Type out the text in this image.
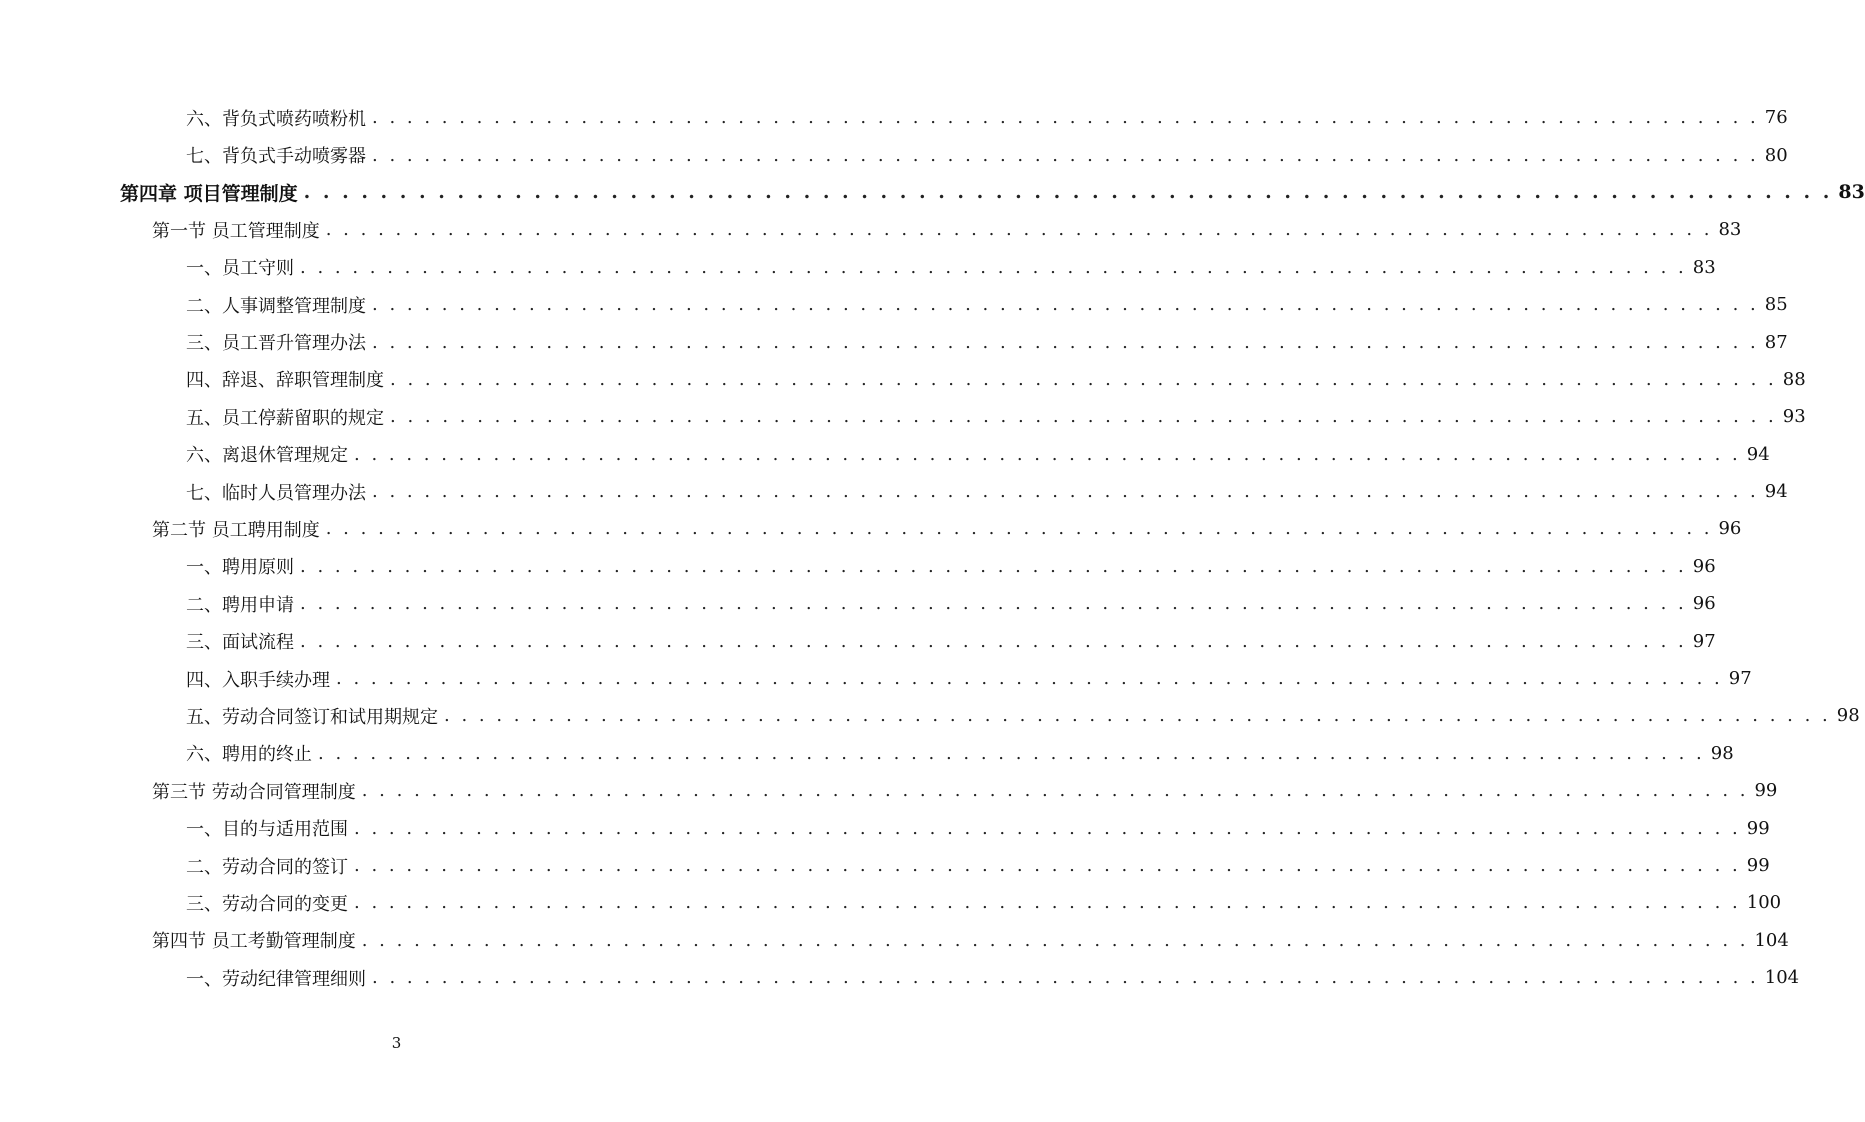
六、背负式喷药喷粉机 . . . . . . . . . . . . . . . . . . . . . . . . . . . . . . . . . . . . . . . . . . . . . . . . . . . . . . . . . . . . . . . . . . . . . . . . . . . . . . . . 76
七、背负式手动喷雾器 . . . . . . . . . . . . . . . . . . . . . . . . . . . . . . . . . . . . . . . . . . . . . . . . . . . . . . . . . . . . . . . . . . . . . . . . . . . . . . . . 80
第四章 项目管理制度 . . . . . . . . . . . . . . . . . . . . . . . . . . . . . . . . . . . . . . . . . . . . . . . . . . . . . . . . . . . . . . . . . . . . . . . . . . . . . . . . 83
第一节 员工管理制度 . . . . . . . . . . . . . . . . . . . . . . . . . . . . . . . . . . . . . . . . . . . . . . . . . . . . . . . . . . . . . . . . . . . . . . . . . . . . . . . . 83
一、员工守则 . . . . . . . . . . . . . . . . . . . . . . . . . . . . . . . . . . . . . . . . . . . . . . . . . . . . . . . . . . . . . . . . . . . . . . . . . . . . . . . . 83
二、人事调整管理制度 . . . . . . . . . . . . . . . . . . . . . . . . . . . . . . . . . . . . . . . . . . . . . . . . . . . . . . . . . . . . . . . . . . . . . . . . . . . . . . . . 85
三、员工晋升管理办法 . . . . . . . . . . . . . . . . . . . . . . . . . . . . . . . . . . . . . . . . . . . . . . . . . . . . . . . . . . . . . . . . . . . . . . . . . . . . . . . . 87
四、辞退、辞职管理制度 . . . . . . . . . . . . . . . . . . . . . . . . . . . . . . . . . . . . . . . . . . . . . . . . . . . . . . . . . . . . . . . . . . . . . . . . . . . . . . . . 88
五、员工停薪留职的规定 . . . . . . . . . . . . . . . . . . . . . . . . . . . . . . . . . . . . . . . . . . . . . . . . . . . . . . . . . . . . . . . . . . . . . . . . . . . . . . . . 93
六、离退休管理规定 . . . . . . . . . . . . . . . . . . . . . . . . . . . . . . . . . . . . . . . . . . . . . . . . . . . . . . . . . . . . . . . . . . . . . . . . . . . . . . . . 94
七、临时人员管理办法 . . . . . . . . . . . . . . . . . . . . . . . . . . . . . . . . . . . . . . . . . . . . . . . . . . . . . . . . . . . . . . . . . . . . . . . . . . . . . . . . 94
第二节 员工聘用制度 . . . . . . . . . . . . . . . . . . . . . . . . . . . . . . . . . . . . . . . . . . . . . . . . . . . . . . . . . . . . . . . . . . . . . . . . . . . . . . . . 96
一、聘用原则 . . . . . . . . . . . . . . . . . . . . . . . . . . . . . . . . . . . . . . . . . . . . . . . . . . . . . . . . . . . . . . . . . . . . . . . . . . . . . . . . 96
二、聘用申请 . . . . . . . . . . . . . . . . . . . . . . . . . . . . . . . . . . . . . . . . . . . . . . . . . . . . . . . . . . . . . . . . . . . . . . . . . . . . . . . . 96
三、面试流程 . . . . . . . . . . . . . . . . . . . . . . . . . . . . . . . . . . . . . . . . . . . . . . . . . . . . . . . . . . . . . . . . . . . . . . . . . . . . . . . . 97
四、入职手续办理 . . . . . . . . . . . . . . . . . . . . . . . . . . . . . . . . . . . . . . . . . . . . . . . . . . . . . . . . . . . . . . . . . . . . . . . . . . . . . . . . 97
五、劳动合同签订和试用期规定 . . . . . . . . . . . . . . . . . . . . . . . . . . . . . . . . . . . . . . . . . . . . . . . . . . . . . . . . . . . . . . . . . . . . . . . . . . . . . . . . 98
六、聘用的终止 . . . . . . . . . . . . . . . . . . . . . . . . . . . . . . . . . . . . . . . . . . . . . . . . . . . . . . . . . . . . . . . . . . . . . . . . . . . . . . . . 98
第三节 劳动合同管理制度 . . . . . . . . . . . . . . . . . . . . . . . . . . . . . . . . . . . . . . . . . . . . . . . . . . . . . . . . . . . . . . . . . . . . . . . . . . . . . . . . 99
一、目的与适用范围 . . . . . . . . . . . . . . . . . . . . . . . . . . . . . . . . . . . . . . . . . . . . . . . . . . . . . . . . . . . . . . . . . . . . . . . . . . . . . . . . 99
二、劳动合同的签订 . . . . . . . . . . . . . . . . . . . . . . . . . . . . . . . . . . . . . . . . . . . . . . . . . . . . . . . . . . . . . . . . . . . . . . . . . . . . . . . . 99
三、劳动合同的变更 . . . . . . . . . . . . . . . . . . . . . . . . . . . . . . . . . . . . . . . . . . . . . . . . . . . . . . . . . . . . . . . . . . . . . . . . . . . . . . . . 100
第四节 员工考勤管理制度 . . . . . . . . . . . . . . . . . . . . . . . . . . . . . . . . . . . . . . . . . . . . . . . . . . . . . . . . . . . . . . . . . . . . . . . . . . . . . . . . 104
一、劳动纪律管理细则 . . . . . . . . . . . . . . . . . . . . . . . . . . . . . . . . . . . . . . . . . . . . . . . . . . . . . . . . . . . . . . . . . . . . . . . . . . . . . . . . 104
3
